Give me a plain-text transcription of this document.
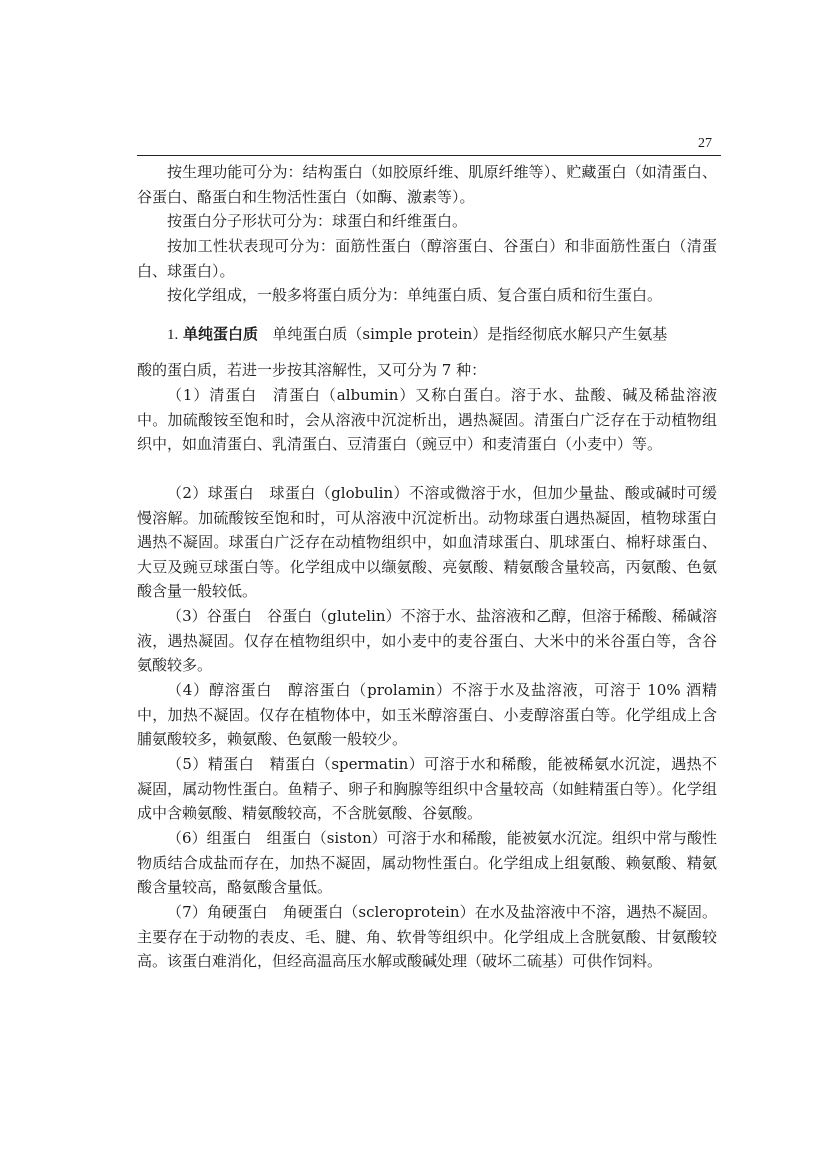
27

按生理功能可分为：结构蛋白（如胶原纤维、肌原纤维等）、贮藏蛋白（如清蛋白、谷蛋白、酪蛋白和生物活性蛋白（如酶、激素等）。

按蛋白分子形状可分为：球蛋白和纤维蛋白。

按加工性状表现可分为：面筋性蛋白（醇溶蛋白、谷蛋白）和非面筋性蛋白（清蛋白、球蛋白）。

按化学组成，一般多将蛋白质分为：单纯蛋白质、复合蛋白质和衍生蛋白。

1. 单纯蛋白质 单纯蛋白质（simple protein）是指经彻底水解只产生氨基

酸的蛋白质，若进一步按其溶解性，又可分为 7 种：

（1）清蛋白　清蛋白（albumin）又称白蛋白。溶于水、盐酸、碱及稀盐溶液中。加硫酸铵至饱和时，会从溶液中沉淀析出，遇热凝固。清蛋白广泛存在于动植物组织中，如血清蛋白、乳清蛋白、豆清蛋白（豌豆中）和麦清蛋白（小麦中）等。

（2）球蛋白　球蛋白（globulin）不溶或微溶于水，但加少量盐、酸或碱时可缓慢溶解。加硫酸铵至饱和时，可从溶液中沉淀析出。动物球蛋白遇热凝固，植物球蛋白遇热不凝固。球蛋白广泛存在动植物组织中，如血清球蛋白、肌球蛋白、棉籽球蛋白、大豆及豌豆球蛋白等。化学组成中以缬氨酸、亮氨酸、精氨酸含量较高，丙氨酸、色氨酸含量一般较低。

（3）谷蛋白　谷蛋白（glutelin）不溶于水、盐溶液和乙醇，但溶于稀酸、稀碱溶液，遇热凝固。仅存在植物组织中，如小麦中的麦谷蛋白、大米中的米谷蛋白等，含谷氨酸较多。

（4）醇溶蛋白　醇溶蛋白（prolamin）不溶于水及盐溶液，可溶于 10% 酒精中，加热不凝固。仅存在植物体中，如玉米醇溶蛋白、小麦醇溶蛋白等。化学组成上含脯氨酸较多，赖氨酸、色氨酸一般较少。

（5）精蛋白　精蛋白（spermatin）可溶于水和稀酸，能被稀氨水沉淀，遇热不凝固，属动物性蛋白。鱼精子、卵子和胸腺等组织中含量较高（如鲑精蛋白等）。化学组成中含赖氨酸、精氨酸较高，不含胱氨酸、谷氨酸。

（6）组蛋白　组蛋白（siston）可溶于水和稀酸，能被氨水沉淀。组织中常与酸性物质结合成盐而存在，加热不凝固，属动物性蛋白。化学组成上组氨酸、赖氨酸、精氨酸含量较高，酪氨酸含量低。

（7）角硬蛋白　角硬蛋白（scleroprotein）在水及盐溶液中不溶，遇热不凝固。主要存在于动物的表皮、毛、腱、角、软骨等组织中。化学组成上含胱氨酸、甘氨酸较高。该蛋白难消化，但经高温高压水解或酸碱处理（破坏二硫基）可供作饲料。
